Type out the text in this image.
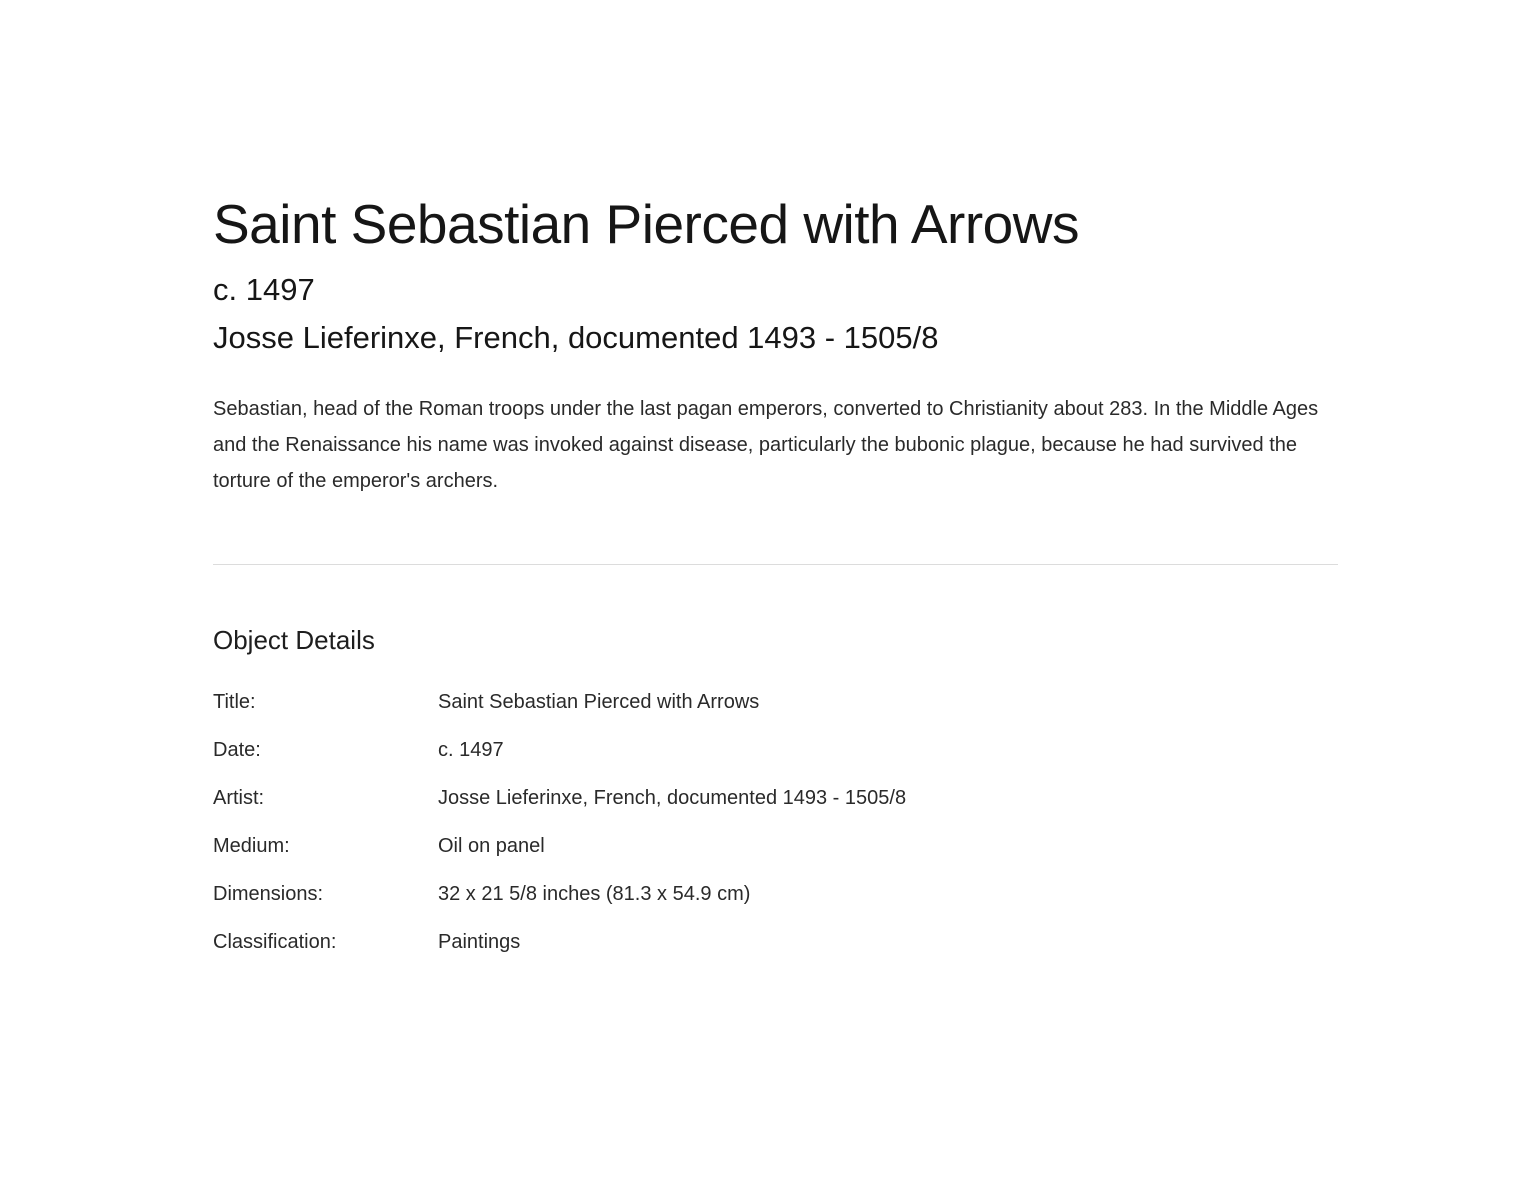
Saint Sebastian Pierced with Arrows
c. 1497
Josse Lieferinxe, French, documented 1493 - 1505/8

Sebastian, head of the Roman troops under the last pagan emperors, converted to Christianity about 283. In the Middle Ages and the Renaissance his name was invoked against disease, particularly the bubonic plague, because he had survived the torture of the emperor's archers.

Object Details
Title:	Saint Sebastian Pierced with Arrows
Date:	c. 1497
Artist:	Josse Lieferinxe, French, documented 1493 - 1505/8
Medium:	Oil on panel
Dimensions:	32 x 21 5/8 inches (81.3 x 54.9 cm)
Classification:	Paintings
